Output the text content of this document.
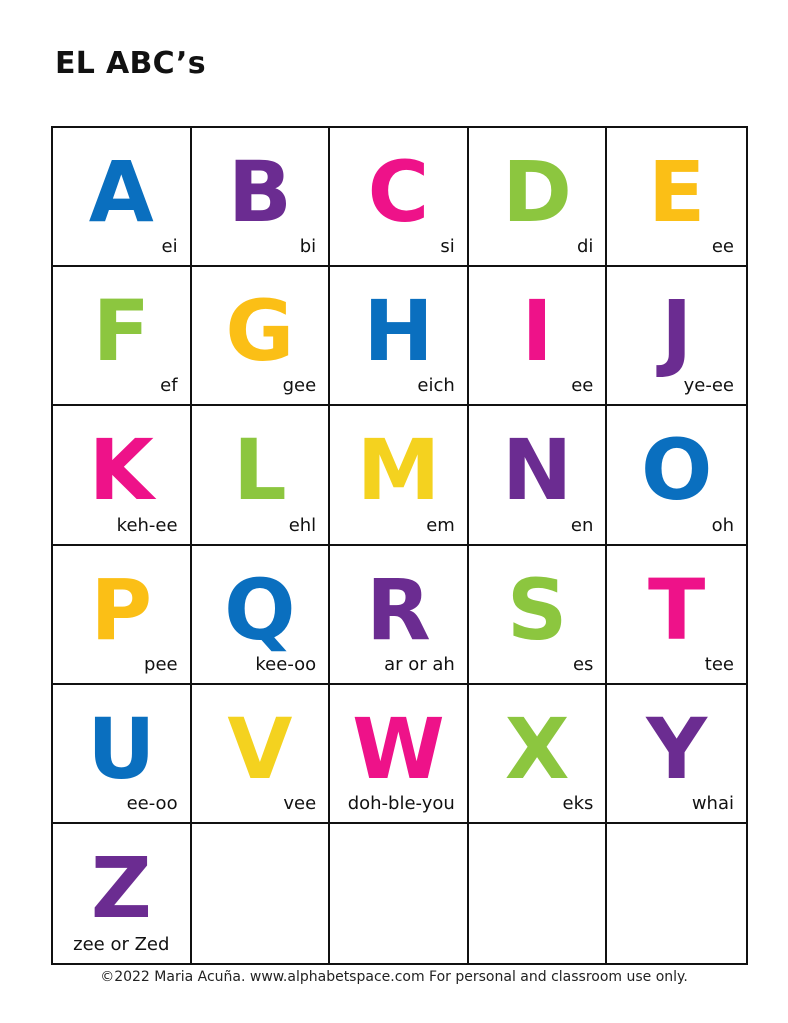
EL ABC’s
A
ei
B
bi
C
si
D
di
E
ee
F
ef
G
gee
H
eich
I
ee
J
ye-ee
K
keh-ee
L
ehl
M
em
N
en
O
oh
P
pee
Q
kee-oo
R
ar or ah
S
es
T
tee
U
ee-oo
V
vee
W
doh-ble-you
X
eks
Y
whai
Z
zee or Zed

©2022 Maria Acuña. www.alphabetspace.com For personal and classroom use only.
